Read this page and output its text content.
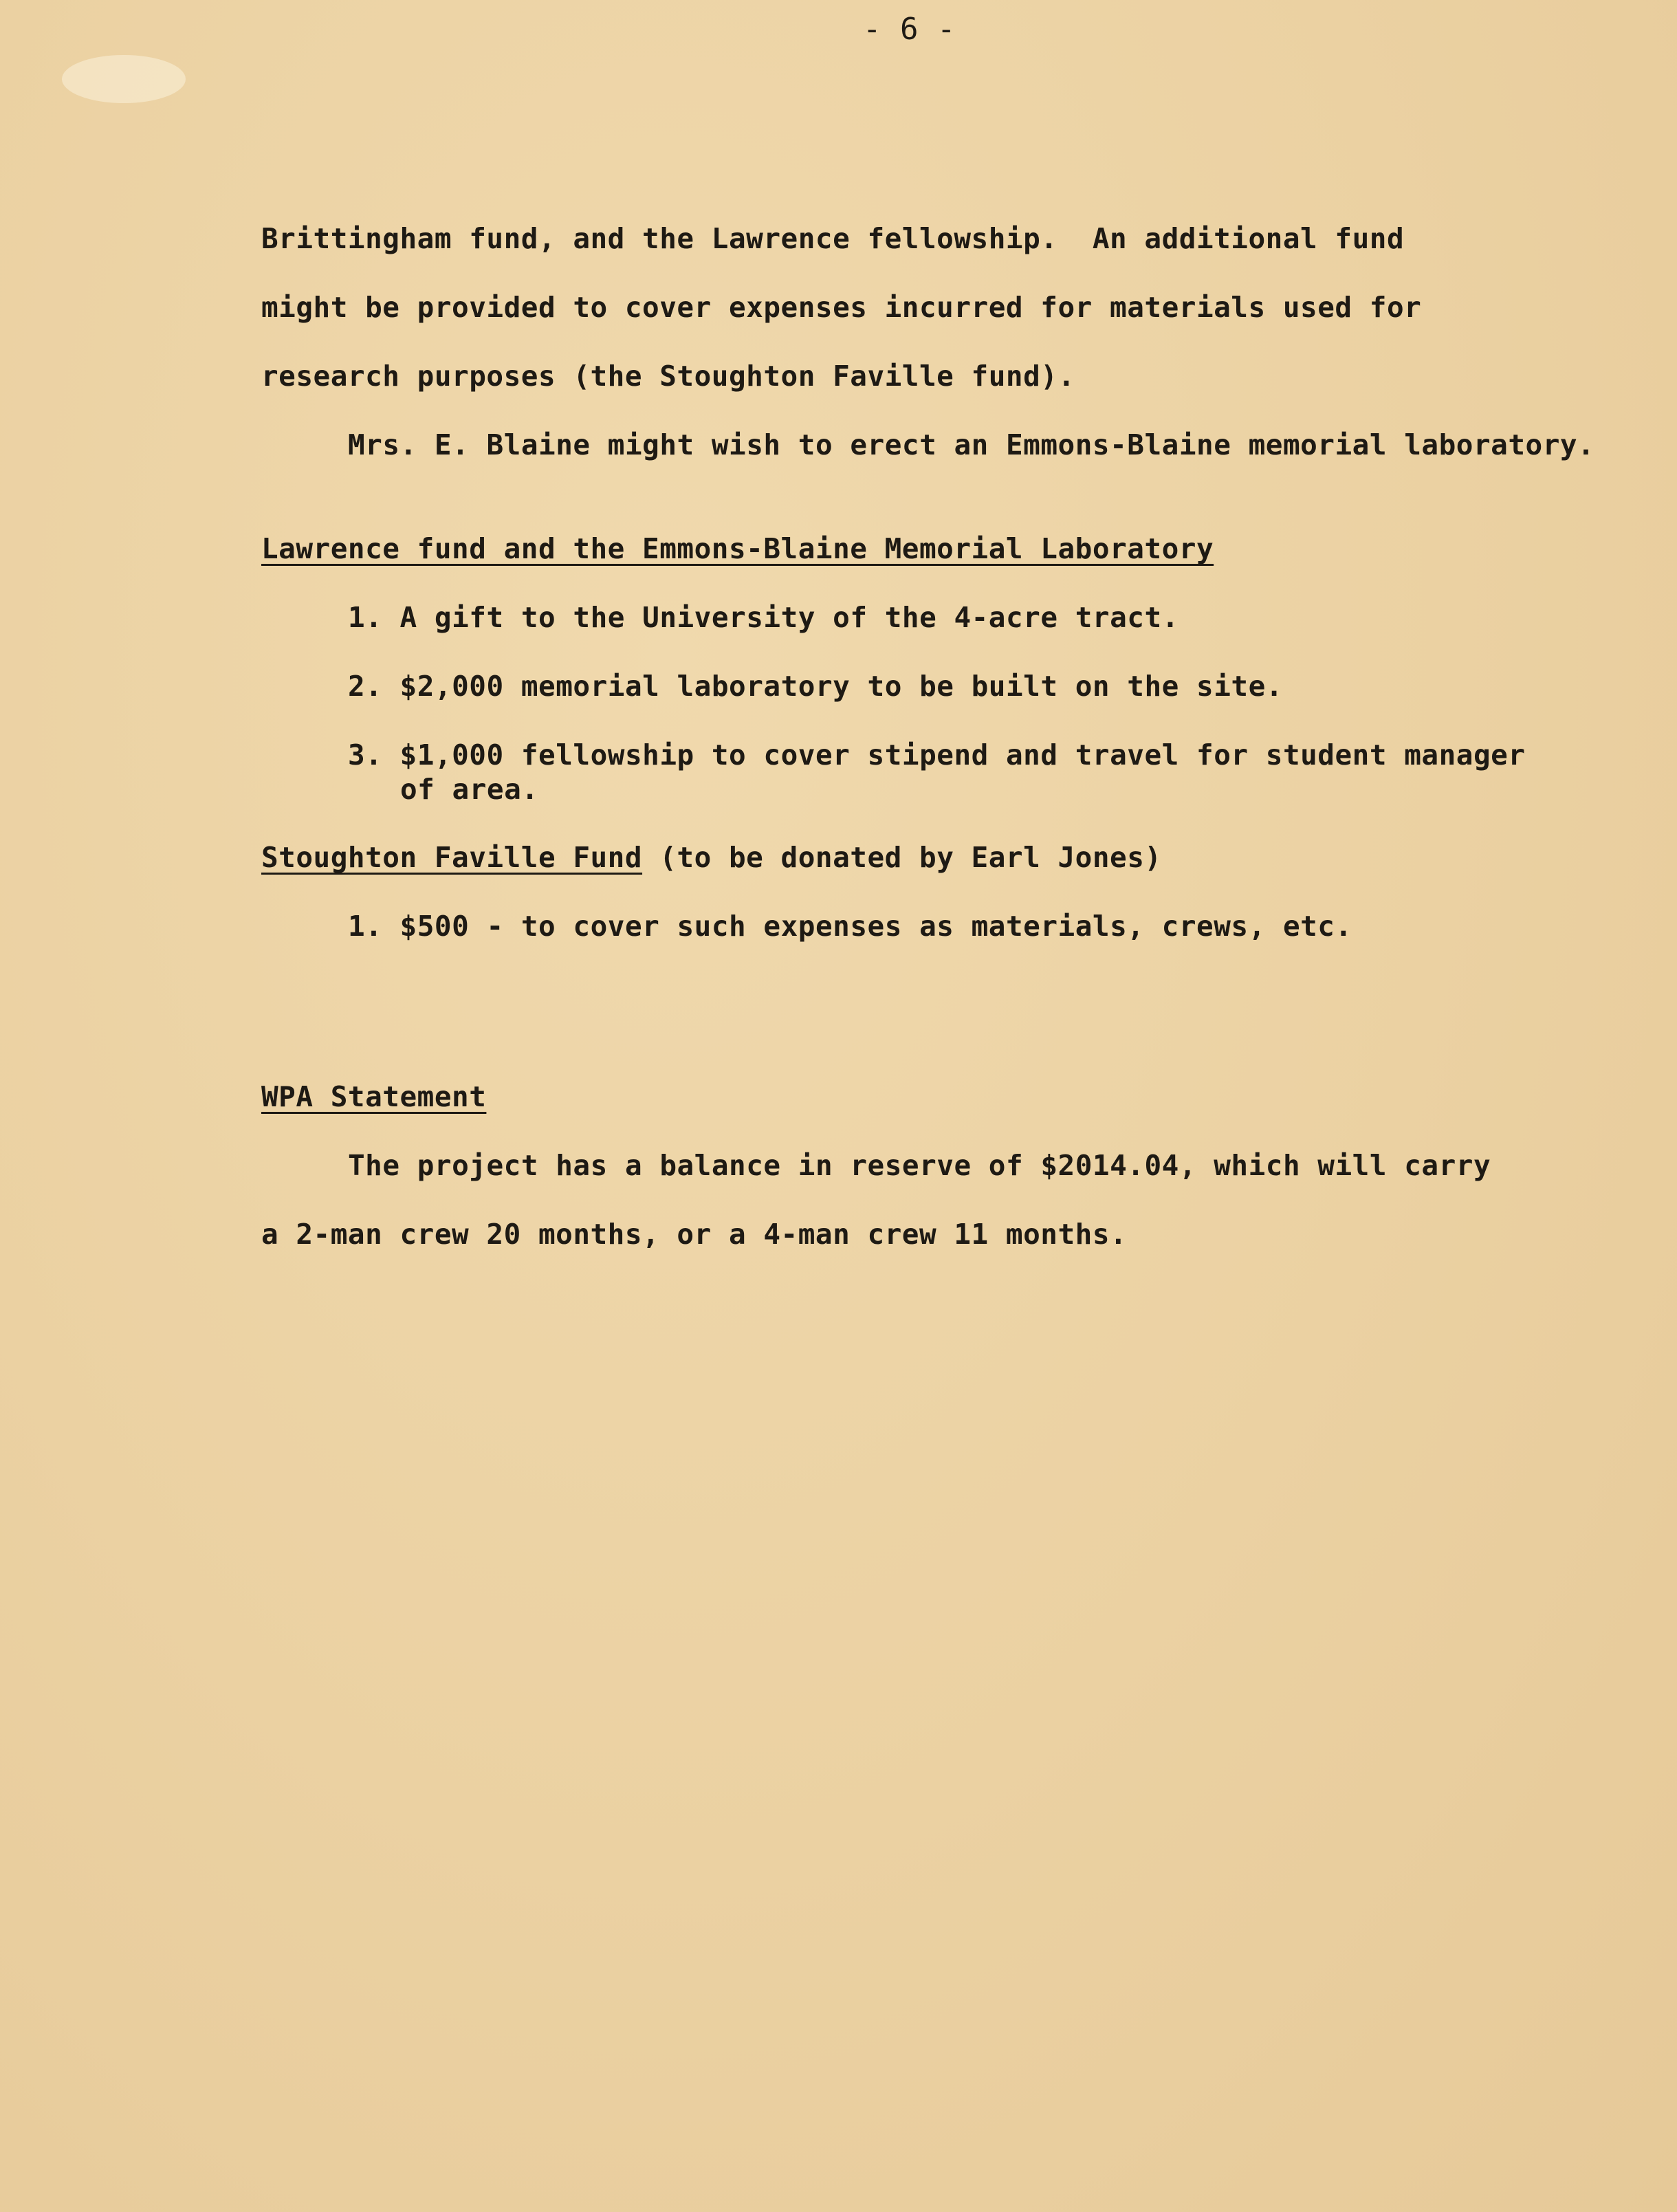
- 6 -
Brittingham fund, and the Lawrence fellowship.  An additional fund
might be provided to cover expenses incurred for materials used for
research purposes (the Stoughton Faville fund).
Mrs. E. Blaine might wish to erect an Emmons-Blaine memorial laboratory.
Lawrence fund and the Emmons-Blaine Memorial Laboratory
1. A gift to the University of the 4-acre tract.
2. $2,000 memorial laboratory to be built on the site.
3. $1,000 fellowship to cover stipend and travel for student manager
of area.
Stoughton Faville Fund (to be donated by Earl Jones)
1. $500 - to cover such expenses as materials, crews, etc.
WPA Statement
The project has a balance in reserve of $2014.04, which will carry
a 2-man crew 20 months, or a 4-man crew 11 months.
